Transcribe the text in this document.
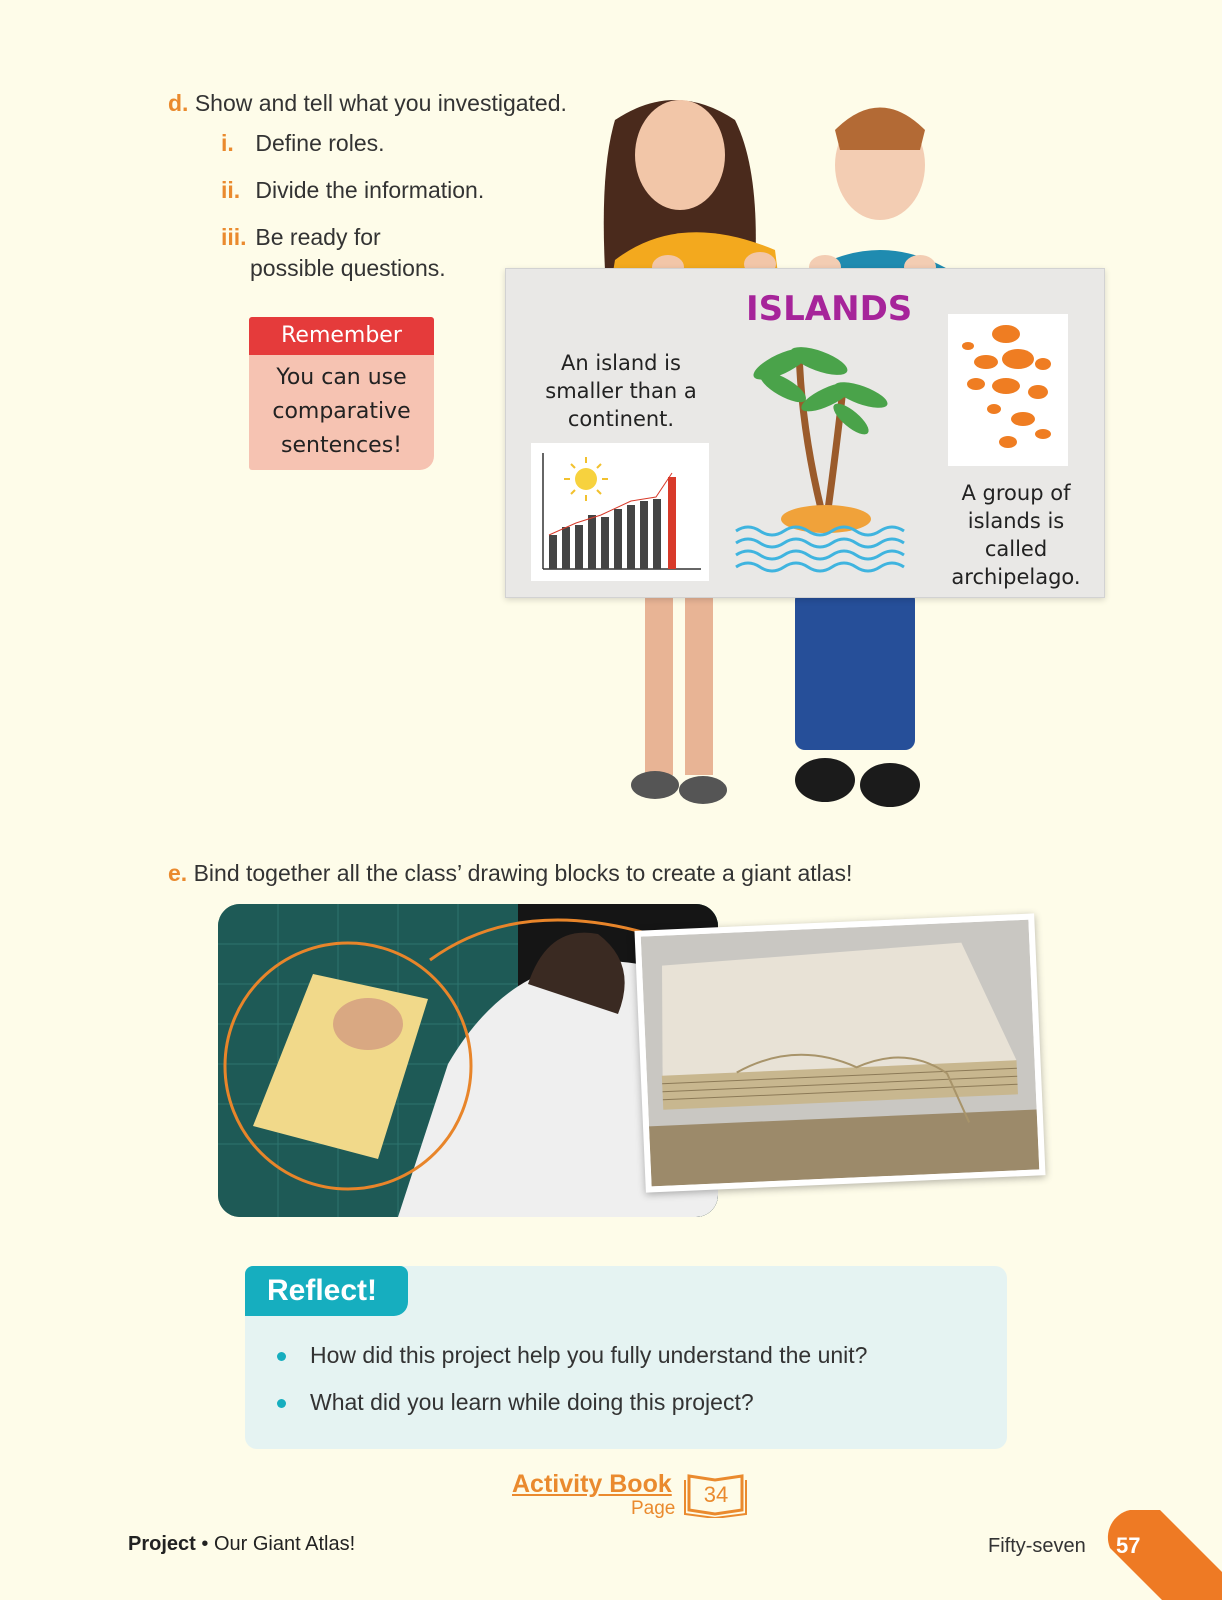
d. Show and tell what you investigated.
i. Define roles.
ii. Divide the information.
iii. Be ready for
possible questions.
Remember
You can use
comparative
sentences!
ISLANDS
An island is
smaller than a
continent.
A group of
islands is
called
archipelago.
e. Bind together all the class’ drawing blocks to create a giant atlas!
Reflect!
How did this project help you fully understand the unit?
What did you learn while doing this project?
Activity Book
Page
34
Project • Our Giant Atlas!	Fifty-seven 57
